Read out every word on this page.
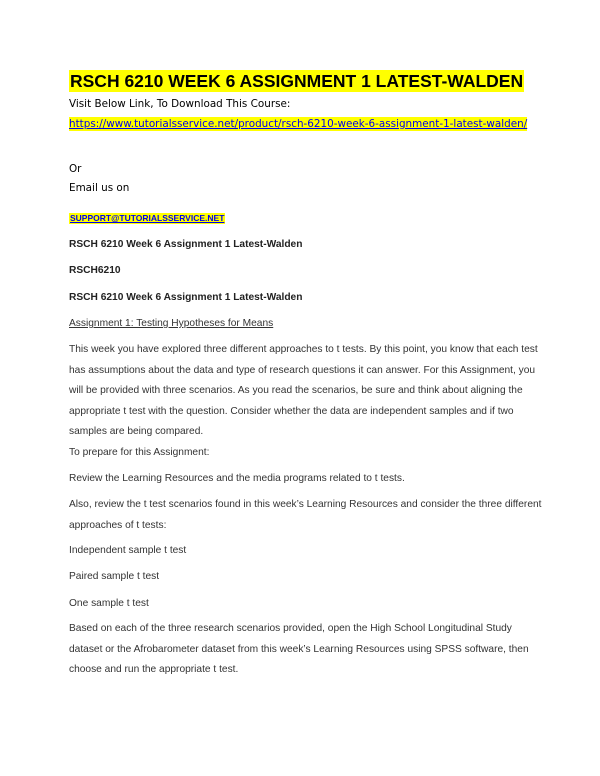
RSCH 6210 WEEK 6 ASSIGNMENT 1 LATEST-WALDEN
Visit Below Link, To Download This Course:
https://www.tutorialsservice.net/product/rsch-6210-week-6-assignment-1-latest-walden/
Or
Email us on
SUPPORT@TUTORIALSSERVICE.NET
RSCH 6210 Week 6 Assignment 1 Latest-Walden
RSCH6210
RSCH 6210 Week 6 Assignment 1 Latest-Walden
Assignment 1: Testing Hypotheses for Means
This week you have explored three different approaches to t tests. By this point, you know that each test
has assumptions about the data and type of research questions it can answer. For this Assignment, you
will be provided with three scenarios. As you read the scenarios, be sure and think about aligning the
appropriate t test with the question. Consider whether the data are independent samples and if two
samples are being compared.
To prepare for this Assignment:
Review the Learning Resources and the media programs related to t tests.
Also, review the t test scenarios found in this week’s Learning Resources and consider the three different
approaches of t tests:
Independent sample t test
Paired sample t test
One sample t test
Based on each of the three research scenarios provided, open the High School Longitudinal Study
dataset or the Afrobarometer dataset from this week’s Learning Resources using SPSS software, then
choose and run the appropriate t test.
